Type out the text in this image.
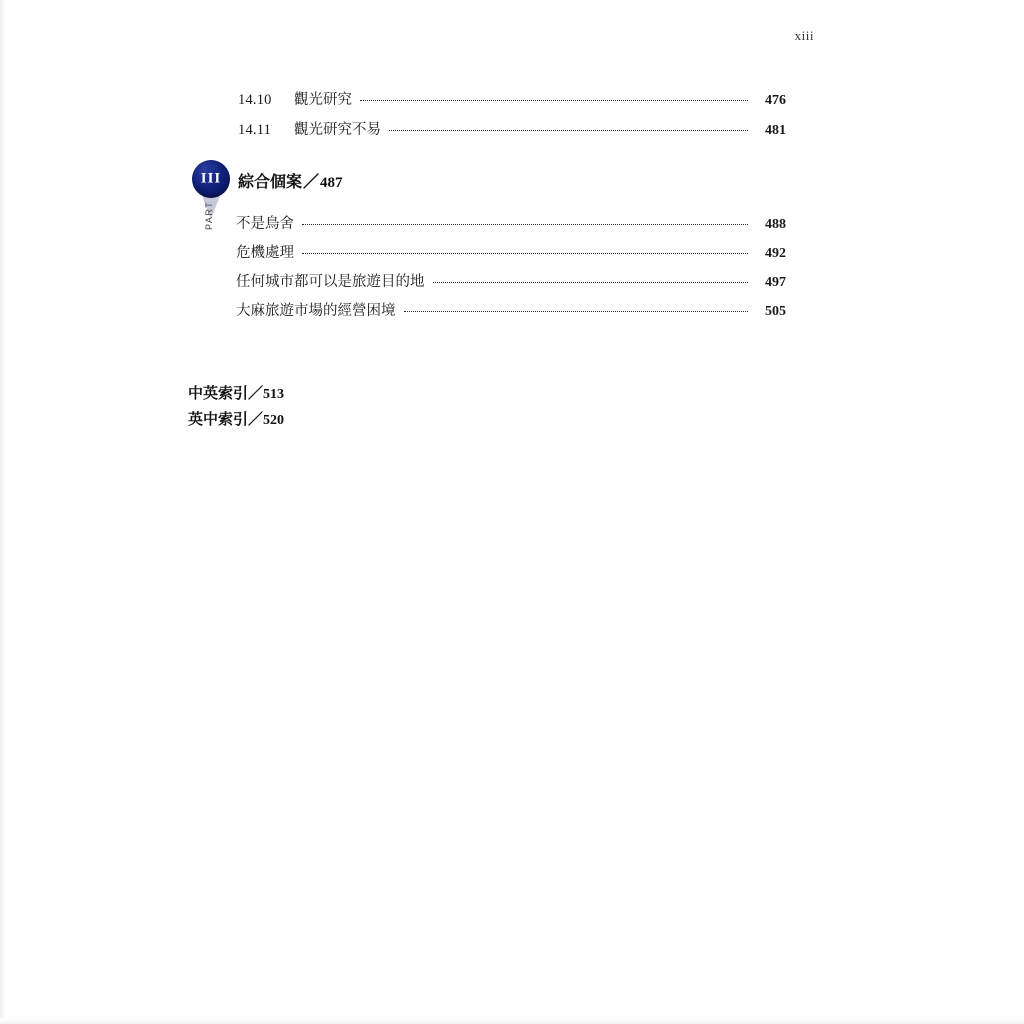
xiii
14.10	觀光研究	476
14.11	觀光研究不易	481
III
PART
綜合個案／487
不是鳥舍	488
危機處理	492
任何城市都可以是旅遊目的地	497
大麻旅遊市場的經營困境	505
中英索引／513
英中索引／520
